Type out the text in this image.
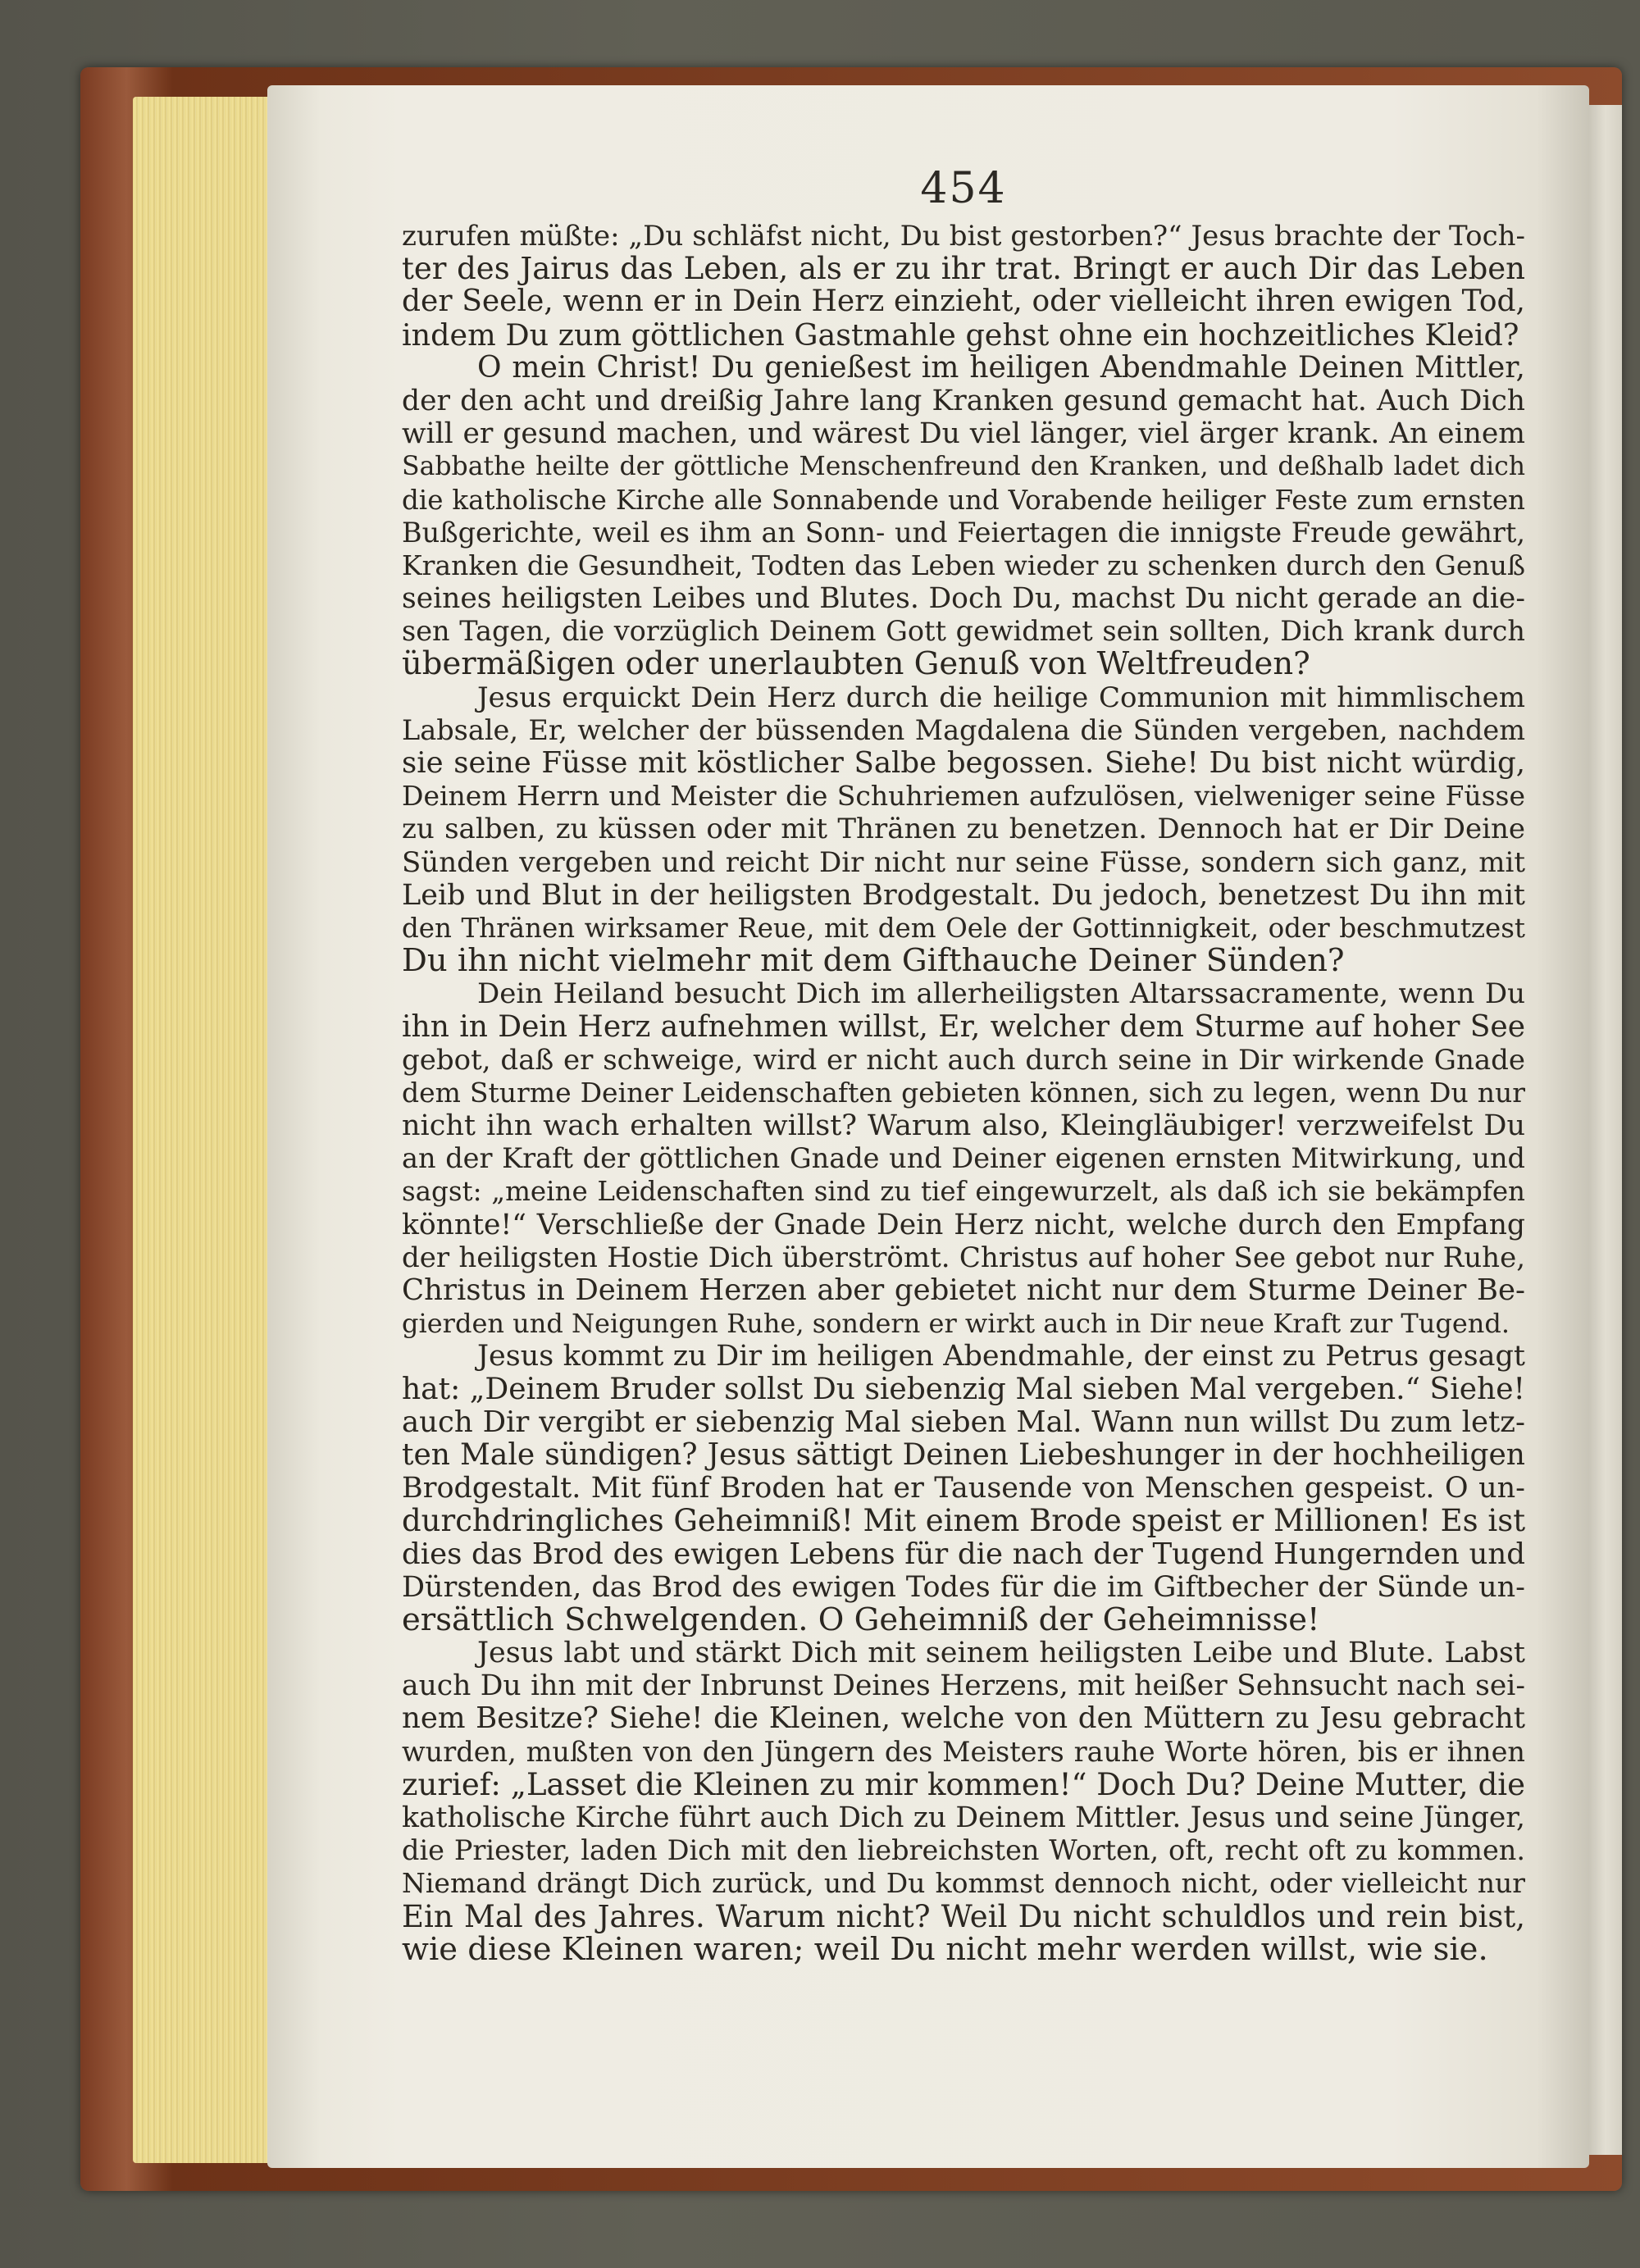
454
zurufen müßte: „Du schläfst nicht, Du bist gestorben?“ Jesus brachte der Toch-
ter des Jairus das Leben, als er zu ihr trat. Bringt er auch Dir das Leben
der Seele, wenn er in Dein Herz einzieht, oder vielleicht ihren ewigen Tod,
indem Du zum göttlichen Gastmahle gehst ohne ein hochzeitliches Kleid?
O mein Christ! Du genießest im heiligen Abendmahle Deinen Mittler,
der den acht und dreißig Jahre lang Kranken gesund gemacht hat. Auch Dich
will er gesund machen, und wärest Du viel länger, viel ärger krank. An einem
Sabbathe heilte der göttliche Menschenfreund den Kranken, und deßhalb ladet dich
die katholische Kirche alle Sonnabende und Vorabende heiliger Feste zum ernsten
Bußgerichte, weil es ihm an Sonn- und Feiertagen die innigste Freude gewährt,
Kranken die Gesundheit, Todten das Leben wieder zu schenken durch den Genuß
seines heiligsten Leibes und Blutes. Doch Du, machst Du nicht gerade an die-
sen Tagen, die vorzüglich Deinem Gott gewidmet sein sollten, Dich krank durch
übermäßigen oder unerlaubten Genuß von Weltfreuden?
Jesus erquickt Dein Herz durch die heilige Communion mit himmlischem
Labsale, Er, welcher der büssenden Magdalena die Sünden vergeben, nachdem
sie seine Füsse mit köstlicher Salbe begossen. Siehe! Du bist nicht würdig,
Deinem Herrn und Meister die Schuhriemen aufzulösen, vielweniger seine Füsse
zu salben, zu küssen oder mit Thränen zu benetzen. Dennoch hat er Dir Deine
Sünden vergeben und reicht Dir nicht nur seine Füsse, sondern sich ganz, mit
Leib und Blut in der heiligsten Brodgestalt. Du jedoch, benetzest Du ihn mit
den Thränen wirksamer Reue, mit dem Oele der Gottinnigkeit, oder beschmutzest
Du ihn nicht vielmehr mit dem Gifthauche Deiner Sünden?
Dein Heiland besucht Dich im allerheiligsten Altarssacramente, wenn Du
ihn in Dein Herz aufnehmen willst, Er, welcher dem Sturme auf hoher See
gebot, daß er schweige, wird er nicht auch durch seine in Dir wirkende Gnade
dem Sturme Deiner Leidenschaften gebieten können, sich zu legen, wenn Du nur
nicht ihn wach erhalten willst? Warum also, Kleingläubiger! verzweifelst Du
an der Kraft der göttlichen Gnade und Deiner eigenen ernsten Mitwirkung, und
sagst: „meine Leidenschaften sind zu tief eingewurzelt, als daß ich sie bekämpfen
könnte!“ Verschließe der Gnade Dein Herz nicht, welche durch den Empfang
der heiligsten Hostie Dich überströmt. Christus auf hoher See gebot nur Ruhe,
Christus in Deinem Herzen aber gebietet nicht nur dem Sturme Deiner Be-
gierden und Neigungen Ruhe, sondern er wirkt auch in Dir neue Kraft zur Tugend.
Jesus kommt zu Dir im heiligen Abendmahle, der einst zu Petrus gesagt
hat: „Deinem Bruder sollst Du siebenzig Mal sieben Mal vergeben.“ Siehe!
auch Dir vergibt er siebenzig Mal sieben Mal. Wann nun willst Du zum letz-
ten Male sündigen? Jesus sättigt Deinen Liebeshunger in der hochheiligen
Brodgestalt. Mit fünf Broden hat er Tausende von Menschen gespeist. O un-
durchdringliches Geheimniß! Mit einem Brode speist er Millionen! Es ist
dies das Brod des ewigen Lebens für die nach der Tugend Hungernden und
Dürstenden, das Brod des ewigen Todes für die im Giftbecher der Sünde un-
ersättlich Schwelgenden. O Geheimniß der Geheimnisse!
Jesus labt und stärkt Dich mit seinem heiligsten Leibe und Blute. Labst
auch Du ihn mit der Inbrunst Deines Herzens, mit heißer Sehnsucht nach sei-
nem Besitze? Siehe! die Kleinen, welche von den Müttern zu Jesu gebracht
wurden, mußten von den Jüngern des Meisters rauhe Worte hören, bis er ihnen
zurief: „Lasset die Kleinen zu mir kommen!“ Doch Du? Deine Mutter, die
katholische Kirche führt auch Dich zu Deinem Mittler. Jesus und seine Jünger,
die Priester, laden Dich mit den liebreichsten Worten, oft, recht oft zu kommen.
Niemand drängt Dich zurück, und Du kommst dennoch nicht, oder vielleicht nur
Ein Mal des Jahres. Warum nicht? Weil Du nicht schuldlos und rein bist,
wie diese Kleinen waren; weil Du nicht mehr werden willst, wie sie.
